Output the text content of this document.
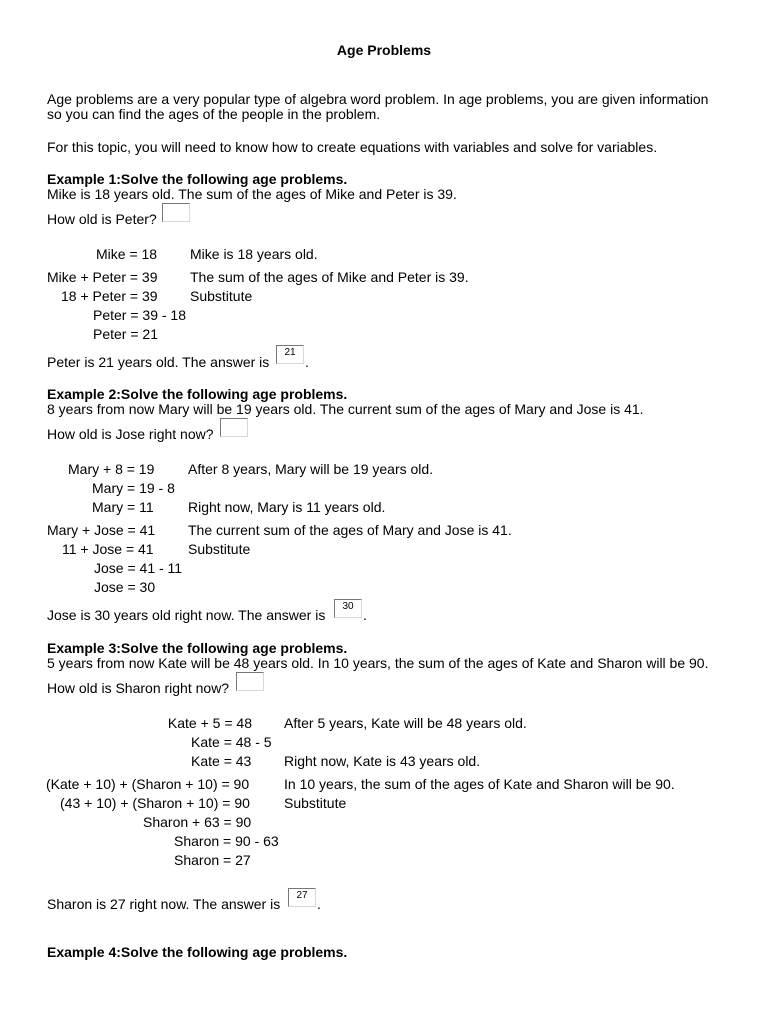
Age Problems
Age problems are a very popular type of algebra word problem. In age problems, you are given information
so you can find the ages of the people in the problem.
For this topic, you will need to know how to create equations with variables and solve for variables.
Example 1:Solve the following age problems.
Mike is 18 years old. The sum of the ages of Mike and Peter is 39.
How old is Peter?
Mike = 18 Mike is 18 years old.
Mike + Peter = 39 The sum of the ages of Mike and Peter is 39.
18 + Peter = 39 Substitute
Peter = 39 - 18
Peter = 21
Peter is 21 years old. The answer is
21
.
Example 2:Solve the following age problems.
8 years from now Mary will be 19 years old. The current sum of the ages of Mary and Jose is 41.
How old is Jose right now?
Mary + 8 = 19 After 8 years, Mary will be 19 years old.
Mary = 19 - 8
Mary = 11 Right now, Mary is 11 years old.
Mary + Jose = 41 The current sum of the ages of Mary and Jose is 41.
11 + Jose = 41 Substitute
Jose = 41 - 11
Jose = 30
Jose is 30 years old right now. The answer is
30
.
Example 3:Solve the following age problems.
5 years from now Kate will be 48 years old. In 10 years, the sum of the ages of Kate and Sharon will be 90.
How old is Sharon right now?
Kate + 5 = 48 After 5 years, Kate will be 48 years old.
Kate = 48 - 5
Kate = 43 Right now, Kate is 43 years old.
(Kate + 10) + (Sharon + 10) = 90 In 10 years, the sum of the ages of Kate and Sharon will be 90.
(43 + 10) + (Sharon + 10) = 90 Substitute
Sharon + 63 = 90
Sharon = 90 - 63
Sharon = 27
Sharon is 27 right now. The answer is
27
.
Example 4:Solve the following age problems.
